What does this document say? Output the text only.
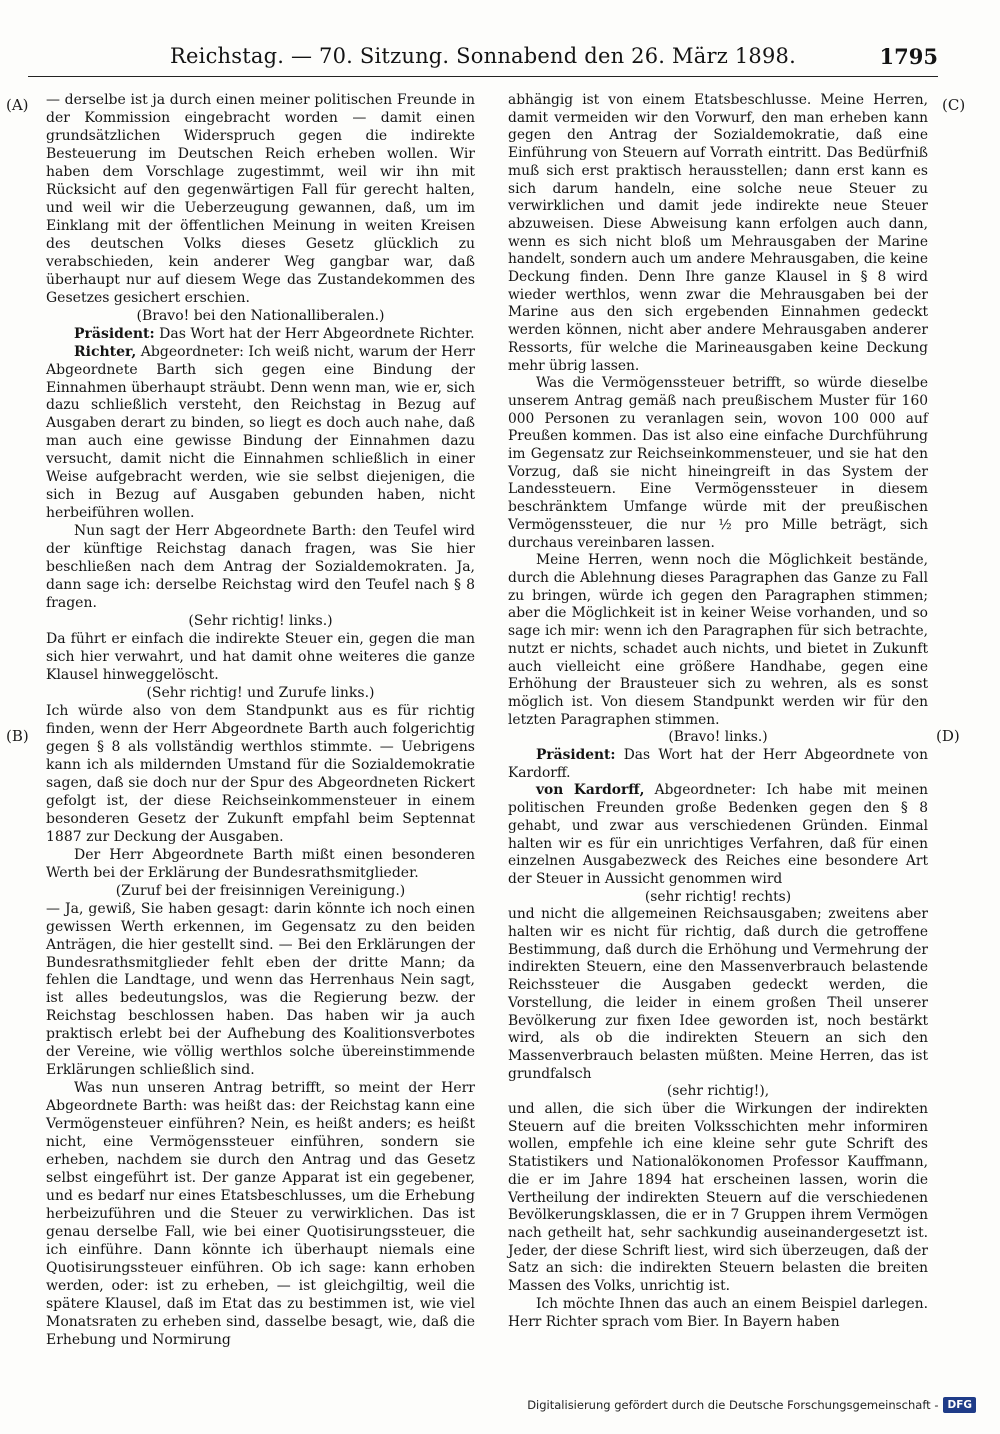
Reichstag. — 70. Sitzung. Sonnabend den 26. März 1898.	1795
(A)
(B)
(C)
(D)

— derselbe ist ja durch einen meiner politischen Freunde in der Kommission eingebracht worden — damit einen grundsätzlichen Widerspruch gegen die indirekte Besteuerung im Deutschen Reich erheben wollen. Wir haben dem Vorschlage zugestimmt, weil wir ihn mit Rücksicht auf den gegenwärtigen Fall für gerecht halten, und weil wir die Ueberzeugung gewannen, daß, um im Einklang mit der öffentlichen Meinung in weiten Kreisen des deutschen Volks dieses Gesetz glücklich zu verabschieden, kein anderer Weg gangbar war, daß überhaupt nur auf diesem Wege das Zustandekommen des Gesetzes gesichert erschien.

(Bravo! bei den Nationalliberalen.)

Präsident: Das Wort hat der Herr Abgeordnete Richter.

Richter, Abgeordneter: Ich weiß nicht, warum der Herr Abgeordnete Barth sich gegen eine Bindung der Einnahmen überhaupt sträubt. Denn wenn man, wie er, sich dazu schließlich versteht, den Reichstag in Bezug auf Ausgaben derart zu binden, so liegt es doch auch nahe, daß man auch eine gewisse Bindung der Einnahmen dazu versucht, damit nicht die Einnahmen schließlich in einer Weise aufgebracht werden, wie sie selbst diejenigen, die sich in Bezug auf Ausgaben gebunden haben, nicht herbeiführen wollen.

Nun sagt der Herr Abgeordnete Barth: den Teufel wird der künftige Reichstag danach fragen, was Sie hier beschließen nach dem Antrag der Sozialdemokraten. Ja, dann sage ich: derselbe Reichstag wird den Teufel nach § 8 fragen.

(Sehr richtig! links.)

Da führt er einfach die indirekte Steuer ein, gegen die man sich hier verwahrt, und hat damit ohne weiteres die ganze Klausel hinweggelöscht.

(Sehr richtig! und Zurufe links.)

Ich würde also von dem Standpunkt aus es für richtig finden, wenn der Herr Abgeordnete Barth auch folgerichtig gegen § 8 als vollständig werthlos stimmte. — Uebrigens kann ich als mildernden Umstand für die Sozialdemokratie sagen, daß sie doch nur der Spur des Abgeordneten Rickert gefolgt ist, der diese Reichseinkommensteuer in einem besonderen Gesetz der Zukunft empfahl beim Septennat 1887 zur Deckung der Ausgaben.

Der Herr Abgeordnete Barth mißt einen besonderen Werth bei der Erklärung der Bundesrathsmitglieder.

(Zuruf bei der freisinnigen Vereinigung.)

— Ja, gewiß, Sie haben gesagt: darin könnte ich noch einen gewissen Werth erkennen, im Gegensatz zu den beiden Anträgen, die hier gestellt sind. — Bei den Erklärungen der Bundesrathsmitglieder fehlt eben der dritte Mann; da fehlen die Landtage, und wenn das Herrenhaus Nein sagt, ist alles bedeutungslos, was die Regierung bezw. der Reichstag beschlossen haben. Das haben wir ja auch praktisch erlebt bei der Aufhebung des Koalitionsverbotes der Vereine, wie völlig werthlos solche übereinstimmende Erklärungen schließlich sind.

Was nun unseren Antrag betrifft, so meint der Herr Abgeordnete Barth: was heißt das: der Reichstag kann eine Vermögensteuer einführen? Nein, es heißt anders; es heißt nicht, eine Vermögenssteuer einführen, sondern sie erheben, nachdem sie durch den Antrag und das Gesetz selbst eingeführt ist. Der ganze Apparat ist ein gegebener, und es bedarf nur eines Etatsbeschlusses, um die Erhebung herbeizuführen und die Steuer zu verwirklichen. Das ist genau derselbe Fall, wie bei einer Quotisirungssteuer, die ich einführe. Dann könnte ich überhaupt niemals eine Quotisirungssteuer einführen. Ob ich sage: kann erhoben werden, oder: ist zu erheben, — ist gleichgiltig, weil die spätere Klausel, daß im Etat das zu bestimmen ist, wie viel Monatsraten zu erheben sind, dasselbe besagt, wie, daß die Erhebung und Normirung

abhängig ist von einem Etatsbeschlusse. Meine Herren, damit vermeiden wir den Vorwurf, den man erheben kann gegen den Antrag der Sozialdemokratie, daß eine Einführung von Steuern auf Vorrath eintritt. Das Bedürfniß muß sich erst praktisch herausstellen; dann erst kann es sich darum handeln, eine solche neue Steuer zu verwirklichen und damit jede indirekte neue Steuer abzuweisen. Diese Abweisung kann erfolgen auch dann, wenn es sich nicht bloß um Mehrausgaben der Marine handelt, sondern auch um andere Mehrausgaben, die keine Deckung finden. Denn Ihre ganze Klausel in § 8 wird wieder werthlos, wenn zwar die Mehrausgaben bei der Marine aus den sich ergebenden Einnahmen gedeckt werden können, nicht aber andere Mehrausgaben anderer Ressorts, für welche die Marineausgaben keine Deckung mehr übrig lassen.

Was die Vermögenssteuer betrifft, so würde dieselbe unserem Antrag gemäß nach preußischem Muster für 160 000 Personen zu veranlagen sein, wovon 100 000 auf Preußen kommen. Das ist also eine einfache Durchführung im Gegensatz zur Reichseinkommensteuer, und sie hat den Vorzug, daß sie nicht hineingreift in das System der Landessteuern. Eine Vermögenssteuer in diesem beschränktem Umfange würde mit der preußischen Vermögenssteuer, die nur ½ pro Mille beträgt, sich durchaus vereinbaren lassen.

Meine Herren, wenn noch die Möglichkeit bestände, durch die Ablehnung dieses Paragraphen das Ganze zu Fall zu bringen, würde ich gegen den Paragraphen stimmen; aber die Möglichkeit ist in keiner Weise vorhanden, und so sage ich mir: wenn ich den Paragraphen für sich betrachte, nutzt er nichts, schadet auch nichts, und bietet in Zukunft auch vielleicht eine größere Handhabe, gegen eine Erhöhung der Brausteuer sich zu wehren, als es sonst möglich ist. Von diesem Standpunkt werden wir für den letzten Paragraphen stimmen.

(Bravo! links.)

Präsident: Das Wort hat der Herr Abgeordnete von Kardorff.

von Kardorff, Abgeordneter: Ich habe mit meinen politischen Freunden große Bedenken gegen den § 8 gehabt, und zwar aus verschiedenen Gründen. Einmal halten wir es für ein unrichtiges Verfahren, daß für einen einzelnen Ausgabezweck des Reiches eine besondere Art der Steuer in Aussicht genommen wird

(sehr richtig! rechts)

und nicht die allgemeinen Reichsausgaben; zweitens aber halten wir es nicht für richtig, daß durch die getroffene Bestimmung, daß durch die Erhöhung und Vermehrung der indirekten Steuern, eine den Massenverbrauch belastende Reichssteuer die Ausgaben gedeckt werden, die Vorstellung, die leider in einem großen Theil unserer Bevölkerung zur fixen Idee geworden ist, noch bestärkt wird, als ob die indirekten Steuern an sich den Massenverbrauch belasten müßten. Meine Herren, das ist grundfalsch

(sehr richtig!),

und allen, die sich über die Wirkungen der indirekten Steuern auf die breiten Volksschichten mehr informiren wollen, empfehle ich eine kleine sehr gute Schrift des Statistikers und Nationalökonomen Professor Kauffmann, die er im Jahre 1894 hat erscheinen lassen, worin die Vertheilung der indirekten Steuern auf die verschiedenen Bevölkerungsklassen, die er in 7 Gruppen ihrem Vermögen nach getheilt hat, sehr sachkundig auseinandergesetzt ist. Jeder, der diese Schrift liest, wird sich überzeugen, daß der Satz an sich: die indirekten Steuern belasten die breiten Massen des Volks, unrichtig ist.

Ich möchte Ihnen das auch an einem Beispiel darlegen. Herr Richter sprach vom Bier. In Bayern haben

Digitalisierung gefördert durch die Deutsche Forschungsgemeinschaft - DFG
